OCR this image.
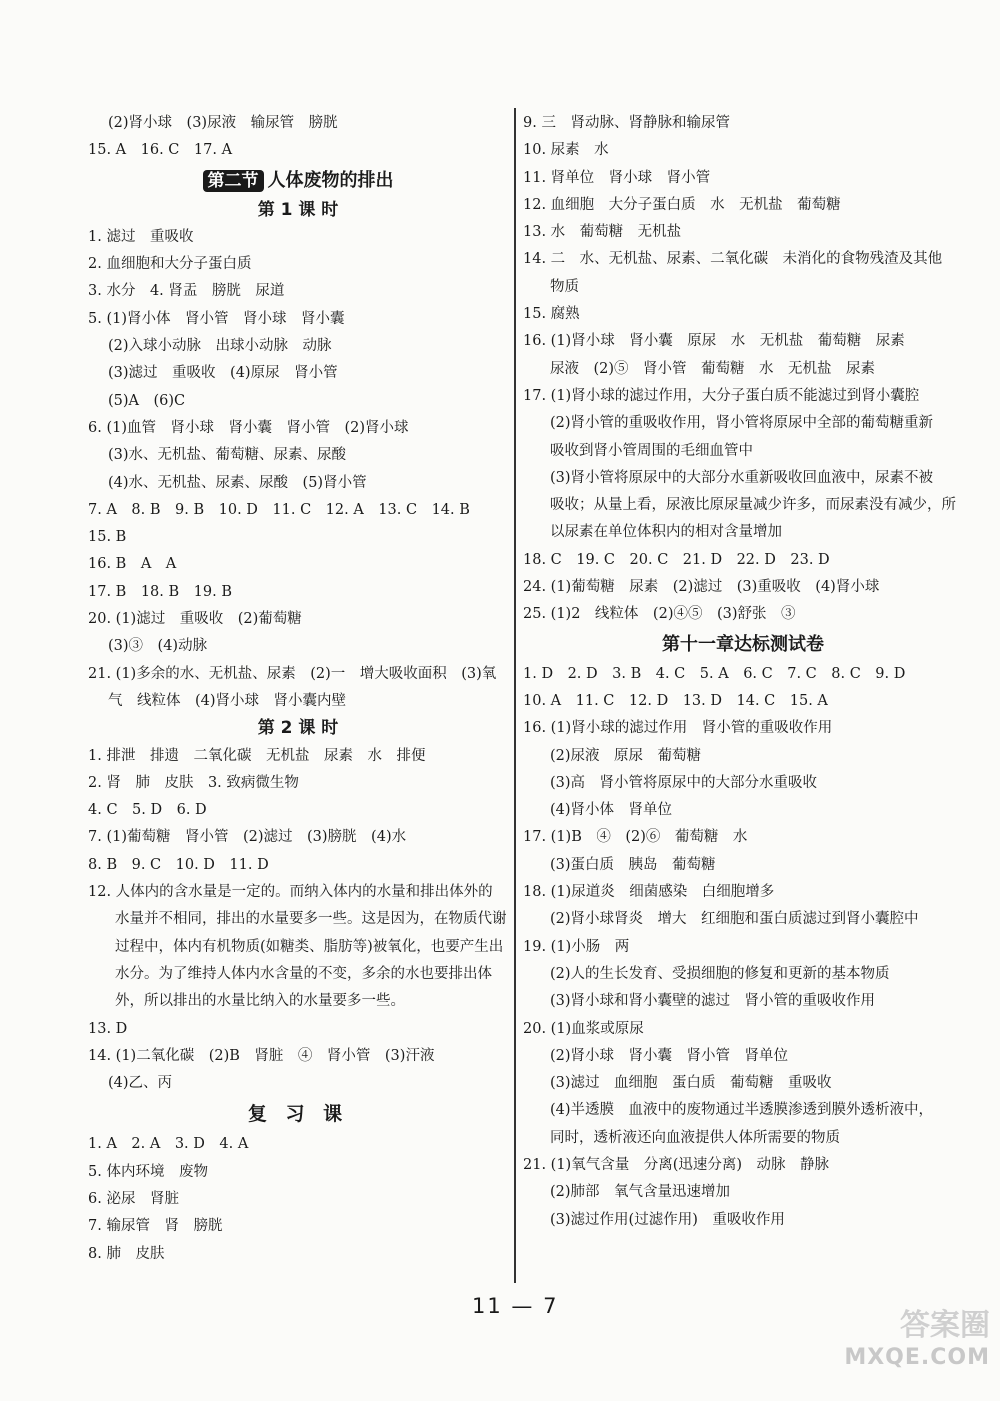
(2)肾小球　(3)尿液　输尿管　膀胱
15. A　16. C　17. A
第二节 人体废物的排出
第 1 课 时
1. 滤过　重吸收
2. 血细胞和大分子蛋白质
3. 水分　4. 肾盂　膀胱　尿道
5. (1)肾小体　肾小管　肾小球　肾小囊
(2)入球小动脉　出球小动脉　动脉
(3)滤过　重吸收　(4)原尿　肾小管
(5)A　(6)C
6. (1)血管　肾小球　肾小囊　肾小管　(2)肾小球
(3)水、无机盐、葡萄糖、尿素、尿酸
(4)水、无机盐、尿素、尿酸　(5)肾小管
7. A　8. B　9. B　10. D　11. C　12. A　13. C　14. B
15. B
16. B　A　A
17. B　18. B　19. B
20. (1)滤过　重吸收　(2)葡萄糖
(3)③　(4)动脉
21. (1)多余的水、无机盐、尿素　(2)一　增大吸收面积　(3)氧
气　线粒体　(4)肾小球　肾小囊内壁
第 2 课 时
1. 排泄　排遗　二氧化碳　无机盐　尿素　水　排便
2. 肾　肺　皮肤　3. 致病微生物
4. C　5. D　6. D
7. (1)葡萄糖　肾小管　(2)滤过　(3)膀胱　(4)水
8. B　9. C　10. D　11. D
12. 人体内的含水量是一定的。而纳入体内的水量和排出体外的
水量并不相同，排出的水量要多一些。这是因为，在物质代谢
过程中，体内有机物质(如糖类、脂肪等)被氧化，也要产生出
水分。为了维持人体内水含量的不变，多余的水也要排出体
外，所以排出的水量比纳入的水量要多一些。
13. D
14. (1)二氧化碳　(2)B　肾脏　④　肾小管　(3)汗液
(4)乙、丙
复 习 课
1. A　2. A　3. D　4. A
5. 体内环境　废物
6. 泌尿　肾脏
7. 输尿管　肾　膀胱
8. 肺　皮肤
9. 三　肾动脉、肾静脉和输尿管
10. 尿素　水
11. 肾单位　肾小球　肾小管
12. 血细胞　大分子蛋白质　水　无机盐　葡萄糖
13. 水　葡萄糖　无机盐
14. 二　水、无机盐、尿素、二氧化碳　未消化的食物残渣及其他
物质
15. 腐熟
16. (1)肾小球　肾小囊　原尿　水　无机盐　葡萄糖　尿素
尿液　(2)⑤　肾小管　葡萄糖　水　无机盐　尿素
17. (1)肾小球的滤过作用，大分子蛋白质不能滤过到肾小囊腔
(2)肾小管的重吸收作用，肾小管将原尿中全部的葡萄糖重新
吸收到肾小管周围的毛细血管中
(3)肾小管将原尿中的大部分水重新吸收回血液中，尿素不被
吸收；从量上看，尿液比原尿量减少许多，而尿素没有减少，所
以尿素在单位体积内的相对含量增加
18. C　19. C　20. C　21. D　22. D　23. D
24. (1)葡萄糖　尿素　(2)滤过　(3)重吸收　(4)肾小球
25. (1)2　线粒体　(2)④⑤　(3)舒张　③
第十一章达标测试卷
1. D　2. D　3. B　4. C　5. A　6. C　7. C　8. C　9. D
10. A　11. C　12. D　13. D　14. C　15. A
16. (1)肾小球的滤过作用　肾小管的重吸收作用
(2)尿液　原尿　葡萄糖
(3)高　肾小管将原尿中的大部分水重吸收
(4)肾小体　肾单位
17. (1)B　④　(2)⑥　葡萄糖　水
(3)蛋白质　胰岛　葡萄糖
18. (1)尿道炎　细菌感染　白细胞增多
(2)肾小球肾炎　增大　红细胞和蛋白质滤过到肾小囊腔中
19. (1)小肠　两
(2)人的生长发育、受损细胞的修复和更新的基本物质
(3)肾小球和肾小囊壁的滤过　肾小管的重吸收作用
20. (1)血浆或原尿
(2)肾小球　肾小囊　肾小管　肾单位
(3)滤过　血细胞　蛋白质　葡萄糖　重吸收
(4)半透膜　血液中的废物通过半透膜渗透到膜外透析液中，
同时，透析液还向血液提供人体所需要的物质
21. (1)氧气含量　分离(迅速分离)　动脉　静脉
(2)肺部　氧气含量迅速增加
(3)滤过作用(过滤作用)　重吸收作用
11 — 7
答案圈
MXQE.COM
